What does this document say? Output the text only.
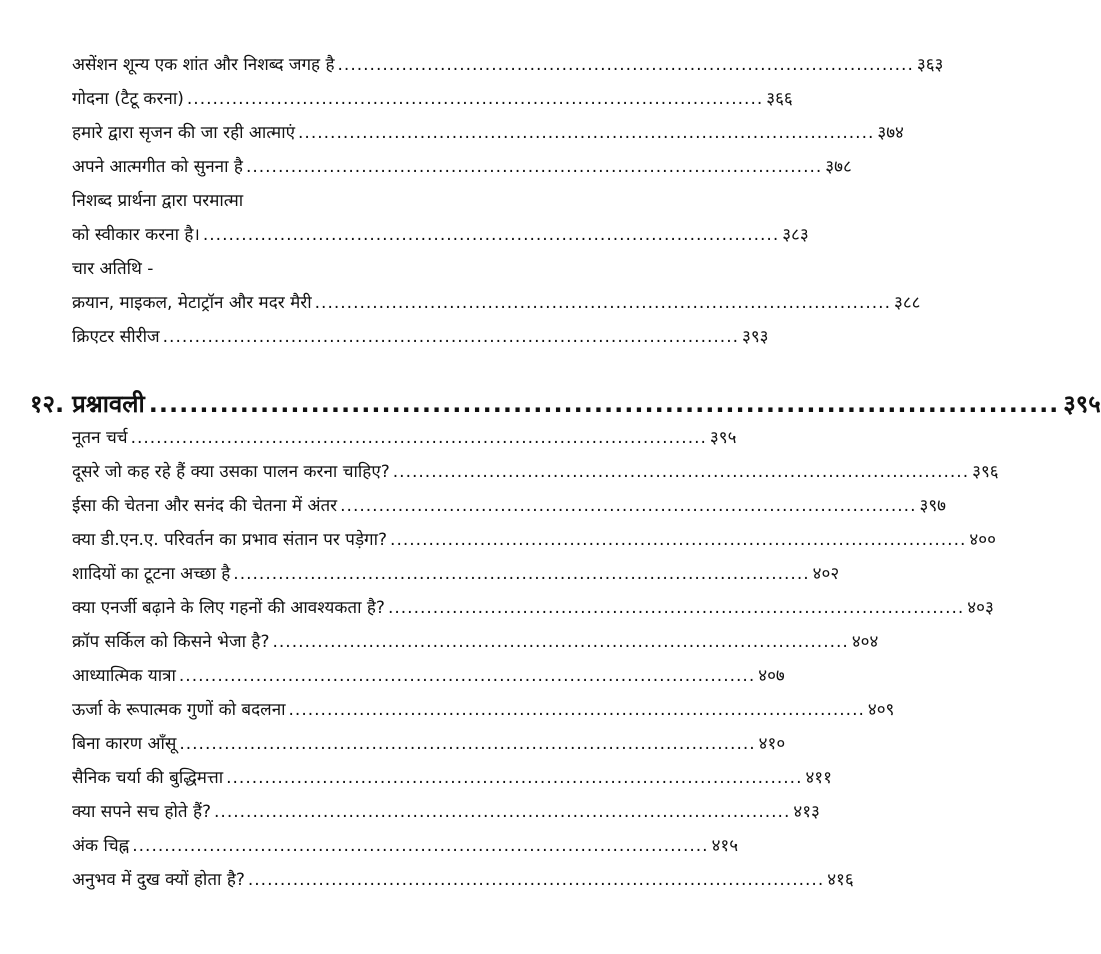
असेंशन शून्य एक शांत और निशब्द जगह है .......................................................................................... ३६३
गोदना (टैटू करना) .......................................................................................... ३६६
हमारे द्वारा सृजन की जा रही आत्माएं .......................................................................................... ३७४
अपने आत्मगीत को सुनना है .......................................................................................... ३७८
निशब्द प्रार्थना द्वारा परमात्मा
को स्वीकार करना है। .......................................................................................... ३८३
चार अतिथि -
क्रयान, माइकल, मेटाट्रॉन और मदर मैरी .......................................................................................... ३८८
क्रिएटर सीरीज .......................................................................................... ३९३
१२. प्रश्नावली .......................................................................................... ३९५
नूतन चर्च .......................................................................................... ३९५
दूसरे जो कह रहे हैं क्या उसका पालन करना चाहिए? .......................................................................................... ३९६
ईसा की चेतना और सनंद की चेतना में अंतर .......................................................................................... ३९७
क्या डी.एन.ए. परिवर्तन का प्रभाव संतान पर पड़ेगा? .......................................................................................... ४००
शादियों का टूटना अच्छा है .......................................................................................... ४०२
क्या एनर्जी बढ़ाने के लिए गहनों की आवश्यकता है? .......................................................................................... ४०३
क्रॉप सर्किल को किसने भेजा है? .......................................................................................... ४०४
आध्यात्मिक यात्रा .......................................................................................... ४०७
ऊर्जा के रूपात्मक गुणों को बदलना .......................................................................................... ४०९
बिना कारण आँसू .......................................................................................... ४१०
सैनिक चर्या की बुद्धिमत्ता .......................................................................................... ४११
क्या सपने सच होते हैं? .......................................................................................... ४१३
अंक चिह्न .......................................................................................... ४१५
अनुभव में दुख क्यों होता है? .......................................................................................... ४१६
